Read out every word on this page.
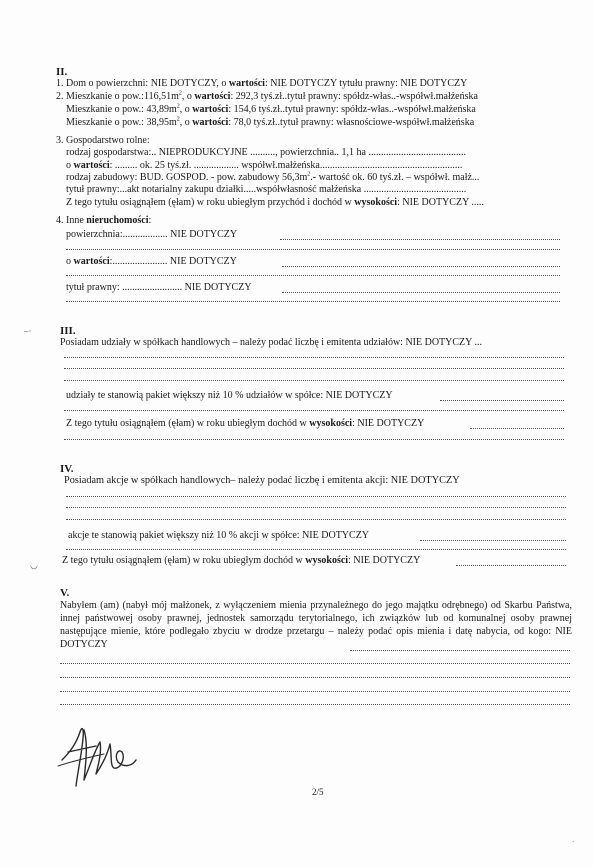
II.
1. Dom o powierzchni: NIE DOTYCZY, o wartości: NIE DOTYCZY tytułu prawny: NIE DOTYCZY
2. Mieszkanie o $pow.:116,51m^2$, o wartości: 292,3 tyś.zł..tytuł prawny: spółdz-włas..-współwł.małżeńska
Mieszkanie o pow.: $43,89m^2$, o wartości: 154,6 tyś.zł..tytuł prawny: spółdz-włas..-współwł.małżeńska
Mieszkanie o pow.: $38,95m^2$, o wartości: 78,0 tyś.zł..tytuł prawny: własnościowe-współwł.małżeńska
3. Gospodarstwo rolne:
rodzaj gospodarstwa:.. NIEPRODUKCYJNE .........., powierzchnia.. 1,1 ha .......................................
o wartości: ......... ok. 25 tyś.zł. .................. współwł.małżeńska.........................................................
rodzaj zabudowy: BUD. GOSPOD. - pow. zabudowy $56,3m^2.-$ wartość ok. 60 tyś.zł. – współwł. małż...
tytuł prawny:...akt notarialny zakupu działki.....współwłasność małżeńska .........................................
Z tego tytułu osiągnąłem (ęłam) w roku ubiegłym przychód i dochód w wysokości: NIE DOTYCZY .....
4. Inne nieruchomości:
powierzchnia:.................. NIE DOTYCZY
o wartości:...................... NIE DOTYCZY
tytuł prawny: ........................ NIE DOTYCZY
–·	III.
Posiadam udziały w spółkach handlowych – należy podać liczbę i emitenta udziałów: NIE DOTYCZY ...
udziały te stanowią pakiet większy niż 10 % udziałów w spółce: NIE DOTYCZY
Z tego tytułu osiągnąłem (ęłam) w roku ubiegłym dochód w wysokości: NIE DOTYCZY
IV.
Posiadam akcje w spółkach handlowych– należy podać liczbę i emitenta akcji: NIE DOTYCZY
akcje te stanowią pakiet większy niż 10 % akcji w spółce: NIE DOTYCZY
◡ Z tego tytułu osiągnąłem (ęłam) w roku ubiegłym dochód w wysokości: NIE DOTYCZY
V.
Nabyłem (am) (nabył mój małżonek, z wyłączeniem mienia przynależnego do jego majątku odrębnego) od Skarbu Państwa, innej państwowej osoby prawnej, jednostek samorządu terytorialnego, ich związków lub od komunalnej osoby prawnej następujące mienie, które podlegało zbyciu w drodze przetargu – należy podać opis mienia i datę nabycia, od kogo: NIE DOTYCZY
2/5
·
